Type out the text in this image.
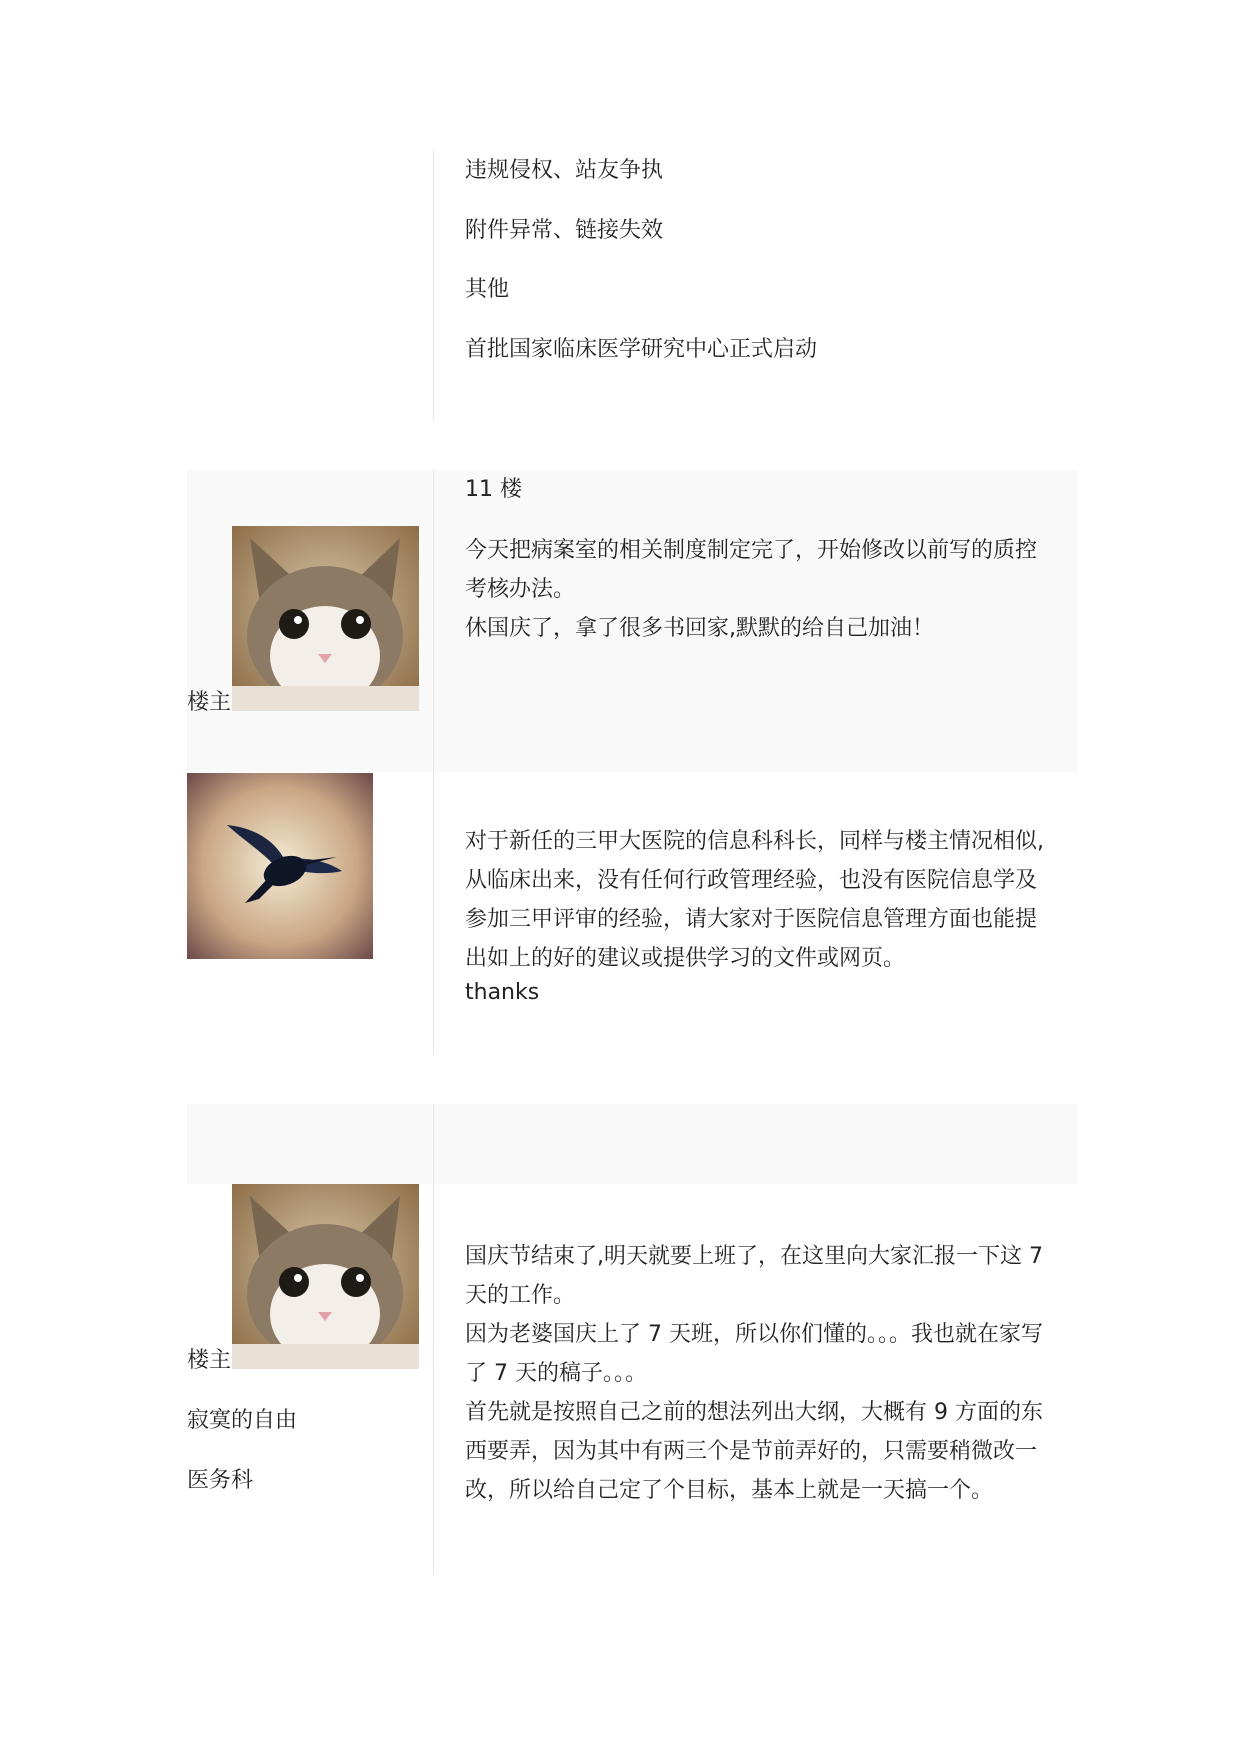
违规侵权、站友争执
附件异常、链接失效
其他
首批国家临床医学研究中心正式启动
楼主
11 楼

今天把病案室的相关制度制定完了，开始修改以前写的质控考核办法。

休国庆了，拿了很多书回家,默默的给自己加油！

对于新任的三甲大医院的信息科科长，同样与楼主情况相似,从临床出来，没有任何行政管理经验，也没有医院信息学及参加三甲评审的经验，请大家对于医院信息管理方面也能提出如上的好的建议或提供学习的文件或网页。

thanks

楼主
寂寞的自由
医务科

国庆节结束了,明天就要上班了，在这里向大家汇报一下这 7 天的工作。

因为老婆国庆上了 7 天班，所以你们懂的。。。我也就在家写了 7 天的稿子。。。

首先就是按照自己之前的想法列出大纲，大概有 9 方面的东西要弄，因为其中有两三个是节前弄好的，只需要稍微改一改，所以给自己定了个目标，基本上就是一天搞一个。
